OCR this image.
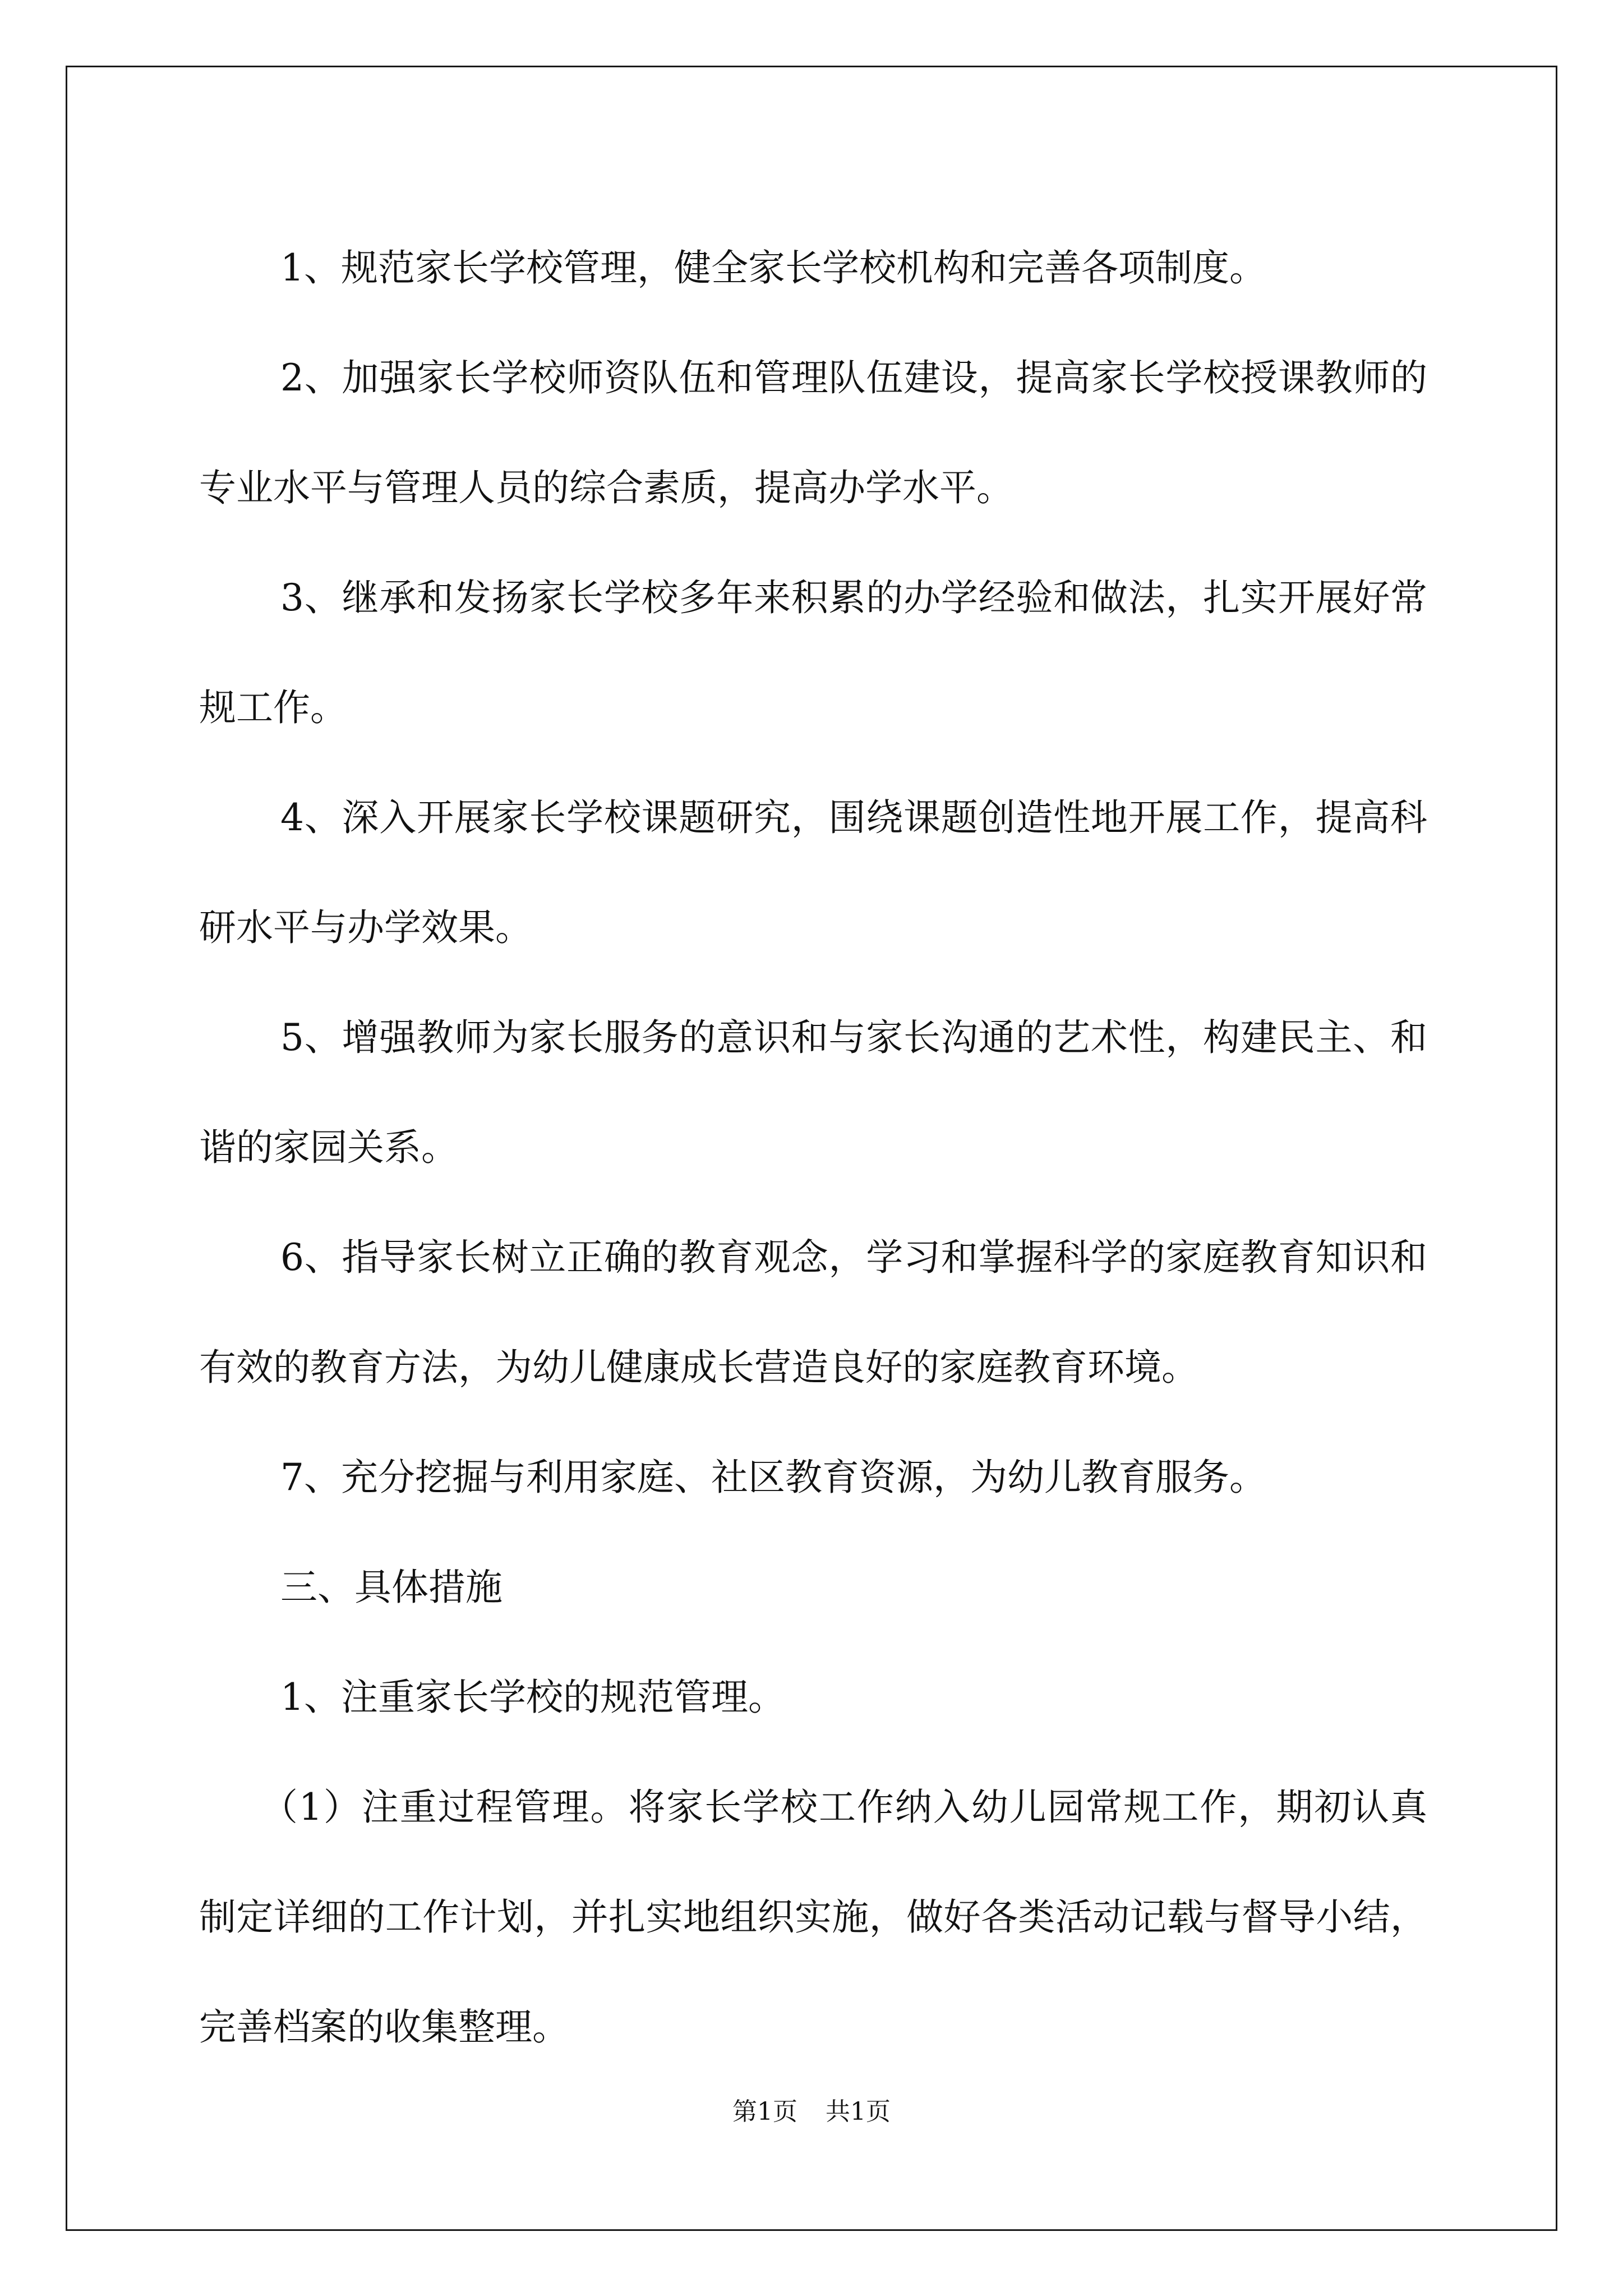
1、规范家长学校管理，健全家长学校机构和完善各项制度。

2、加强家长学校师资队伍和管理队伍建设，提高家长学校授课教师的专业水平与管理人员的综合素质，提高办学水平。

3、继承和发扬家长学校多年来积累的办学经验和做法，扎实开展好常规工作。

4、深入开展家长学校课题研究，围绕课题创造性地开展工作，提高科研水平与办学效果。

5、增强教师为家长服务的意识和与家长沟通的艺术性，构建民主、和谐的家园关系。

6、指导家长树立正确的教育观念，学习和掌握科学的家庭教育知识和有效的教育方法，为幼儿健康成长营造良好的家庭教育环境。

7、充分挖掘与利用家庭、社区教育资源，为幼儿教育服务。

三、具体措施

1、注重家长学校的规范管理。

（1）注重过程管理。将家长学校工作纳入幼儿园常规工作，期初认真制定详细的工作计划，并扎实地组织实施，做好各类活动记载与督导小结，完善档案的收集整理。

第1页 共1页
